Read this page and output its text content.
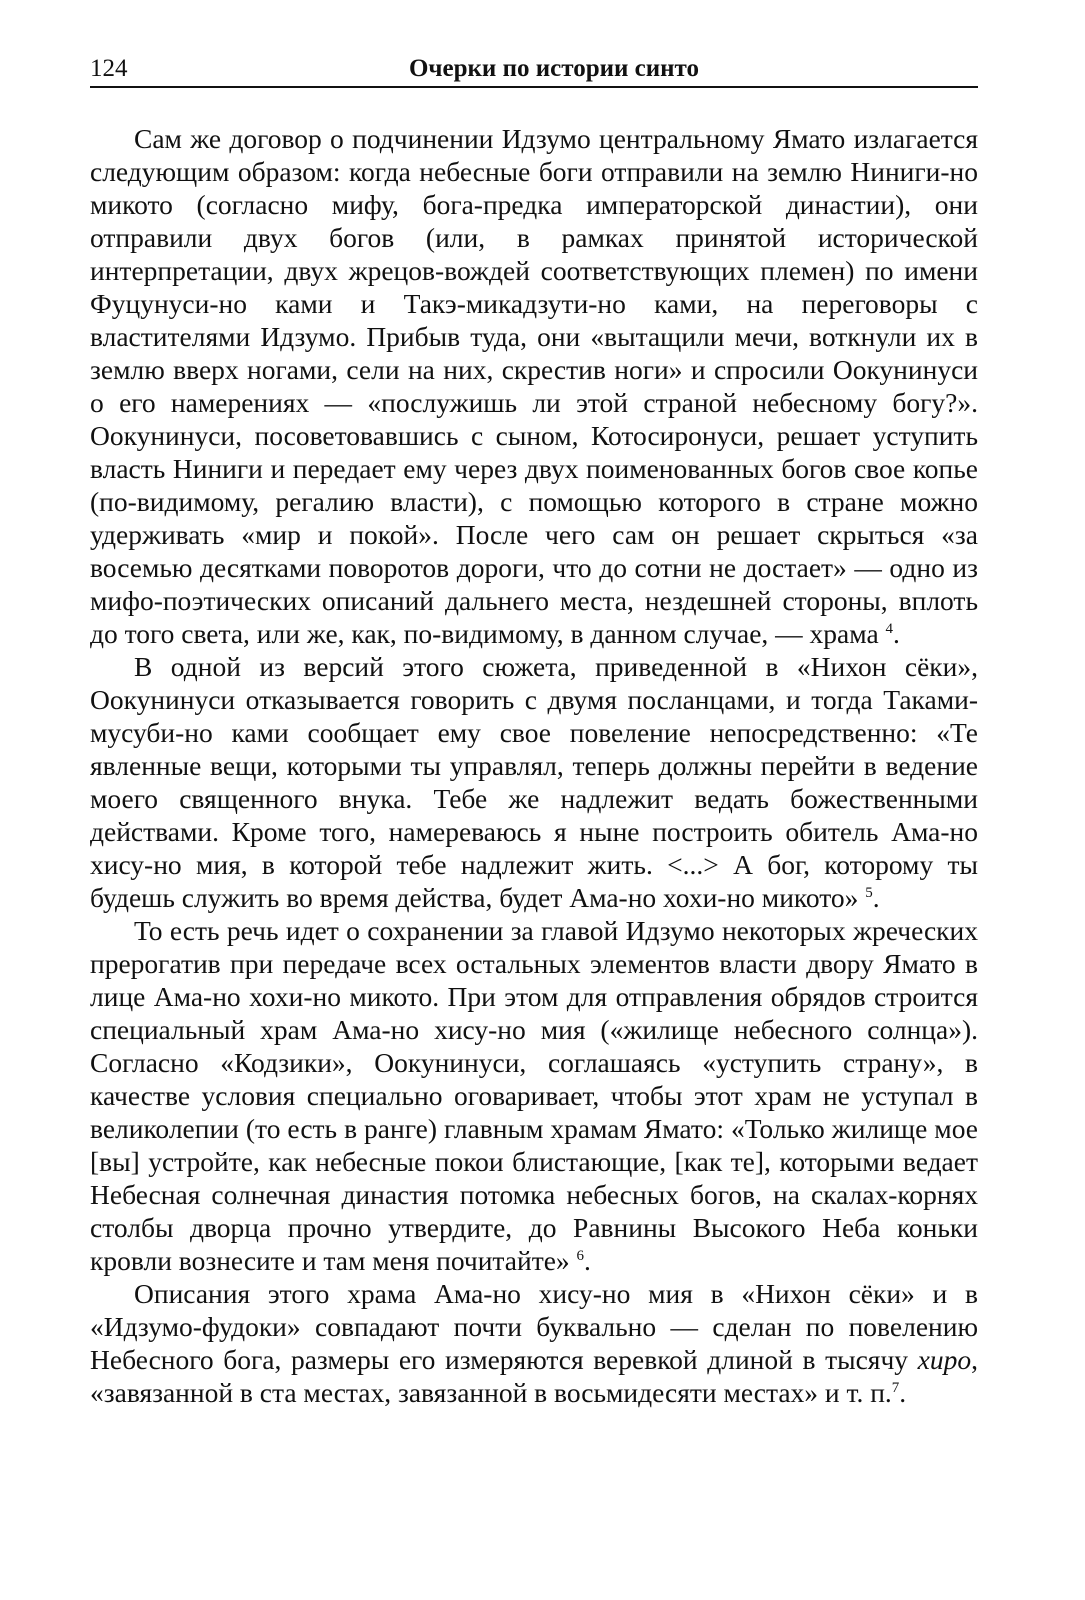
124	Очерки по истории синто

Сам же договор о подчинении Идзумо центральному Ямато излагается следующим образом: когда небесные боги отправили на землю Ниниги-но микото (согласно мифу, бога-предка императорской династии), они отправили двух богов (или, в рамках принятой исторической интерпретации, двух жрецов-вождей соответствующих племен) по имени Фуцунуси-но ками и Такэ-микадзути-но ками, на переговоры с властителями Идзумо. Прибыв туда, они «вытащили мечи, воткнули их в землю вверх ногами, сели на них, скрестив ноги» и спросили Оокунинуси о его намерениях — «послужишь ли этой страной небесному богу?». Оокунинуси, посоветовавшись с сыном, Котосиронуси, решает уступить власть Ниниги и передает ему через двух поименованных богов свое копье (по-видимому, регалию власти), с помощью которого в стране можно удерживать «мир и покой». После чего сам он решает скрыться «за восемью десятками поворотов дороги, что до сотни не достает» — одно из мифо-поэтических описаний дальнего места, нездешней стороны, вплоть до того света, или же, как, по-видимому, в данном случае, — храма $^4$.

В одной из версий этого сюжета, приведенной в «Нихон сёки», Оокунинуси отказывается говорить с двумя посланцами, и тогда Таками-мусуби-но ками сообщает ему свое повеление непосредственно: «Те явленные вещи, которыми ты управлял, теперь должны перейти в ведение моего священного внука. Тебе же надлежит ведать божественными действами. Кроме того, намереваюсь я ныне построить обитель Ама-но хису-но мия, в которой тебе надлежит жить. <...> А бог, которому ты будешь служить во время действа, будет Ама-но хохи-но микото» $^5$.

То есть речь идет о сохранении за главой Идзумо некоторых жреческих прерогатив при передаче всех остальных элементов власти двору Ямато в лице Ама-но хохи-но микото. При этом для отправления обрядов строится специальный храм Ама-но хису-но мия («жилище небесного солнца»). Согласно «Кодзики», Оокунинуси, соглашаясь «уступить страну», в качестве условия специально оговаривает, чтобы этот храм не уступал в великолепии (то есть в ранге) главным храмам Ямато: «Только жилище мое [вы] устройте, как небесные покои блистающие, [как те], которыми ведает Небесная солнечная династия потомка небесных богов, на скалах-корнях столбы дворца прочно утвердите, до Равнины Высокого Неба коньки кровли вознесите и там меня почитайте» $^6$.

Описания этого храма Ама-но хису-но мия в «Нихон сёки» и в «Идзумо-фудоки» совпадают почти буквально — сделан по повелению Небесного бога, размеры его измеряются веревкой длиной в тысячу хиро, «завязанной в ста местах, завязанной в восьмидесяти местах» и т. п.$^7$.
